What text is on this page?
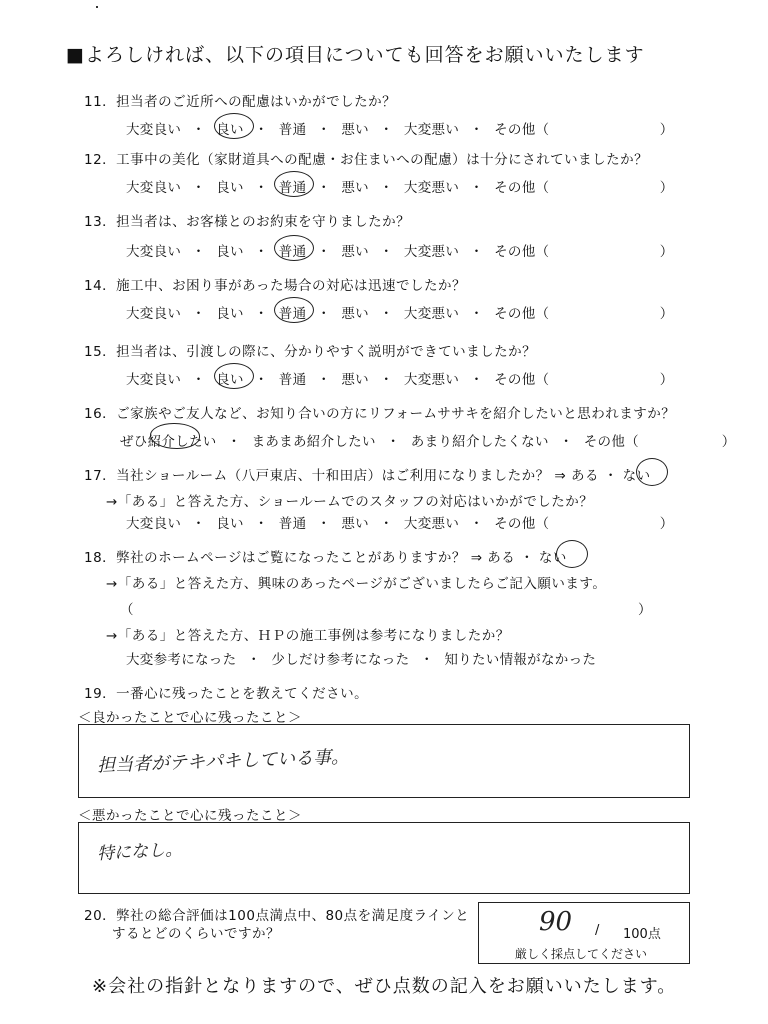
■よろしければ、以下の項目についても回答をお願いいたします
11．担当者のご近所への配慮はいかがでしたか？
大変良い ・ 良い ・ 普通 ・ 悪い ・ 大変悪い ・ その他（　　　　　　　　）
12．工事中の美化（家財道具への配慮・お住まいへの配慮）は十分にされていましたか？
大変良い ・ 良い ・ 普通 ・ 悪い ・ 大変悪い ・ その他（　　　　　　　　）
13．担当者は、お客様とのお約束を守りましたか？
大変良い ・ 良い ・ 普通 ・ 悪い ・ 大変悪い ・ その他（　　　　　　　　）
14．施工中、お困り事があった場合の対応は迅速でしたか？
大変良い ・ 良い ・ 普通 ・ 悪い ・ 大変悪い ・ その他（　　　　　　　　）
15．担当者は、引渡しの際に、分かりやすく説明ができていましたか？
大変良い ・ 良い ・ 普通 ・ 悪い ・ 大変悪い ・ その他（　　　　　　　　）
16．ご家族やご友人など、お知り合いの方にリフォームササキを紹介したいと思われますか？
ぜひ紹介したい ・ まあまあ紹介したい ・ あまり紹介したくない ・ その他（　　　　　　）
17．当社ショールーム（八戸東店、十和田店）はご利用になりましたか？ ⇒ ある ・ ない
→「ある」と答えた方、ショールームでのスタッフの対応はいかがでしたか？
大変良い ・ 良い ・ 普通 ・ 悪い ・ 大変悪い ・ その他（　　　　　　　　）
18．弊社のホームページはご覧になったことがありますか？ ⇒ ある ・ ない
→「ある」と答えた方、興味のあったページがございましたらご記入願います。
（　　　　　　　　　　　　　　　　　　　　　　　　　　　　　　　　　　　　）
→「ある」と答えた方、ＨＰの施工事例は参考になりましたか？
大変参考になった ・ 少しだけ参考になった ・ 知りたい情報がなかった
19．一番心に残ったことを教えてください。
＜良かったことで心に残ったこと＞
担当者がテキパキしている事。
＜悪かったことで心に残ったこと＞
特になし。
20．弊社の総合評価は100点満点中、80点を満足度ラインと
するとどのくらいですか？	90 / 100点
厳しく採点してください
※会社の指針となりますので、ぜひ点数の記入をお願いいたします。
